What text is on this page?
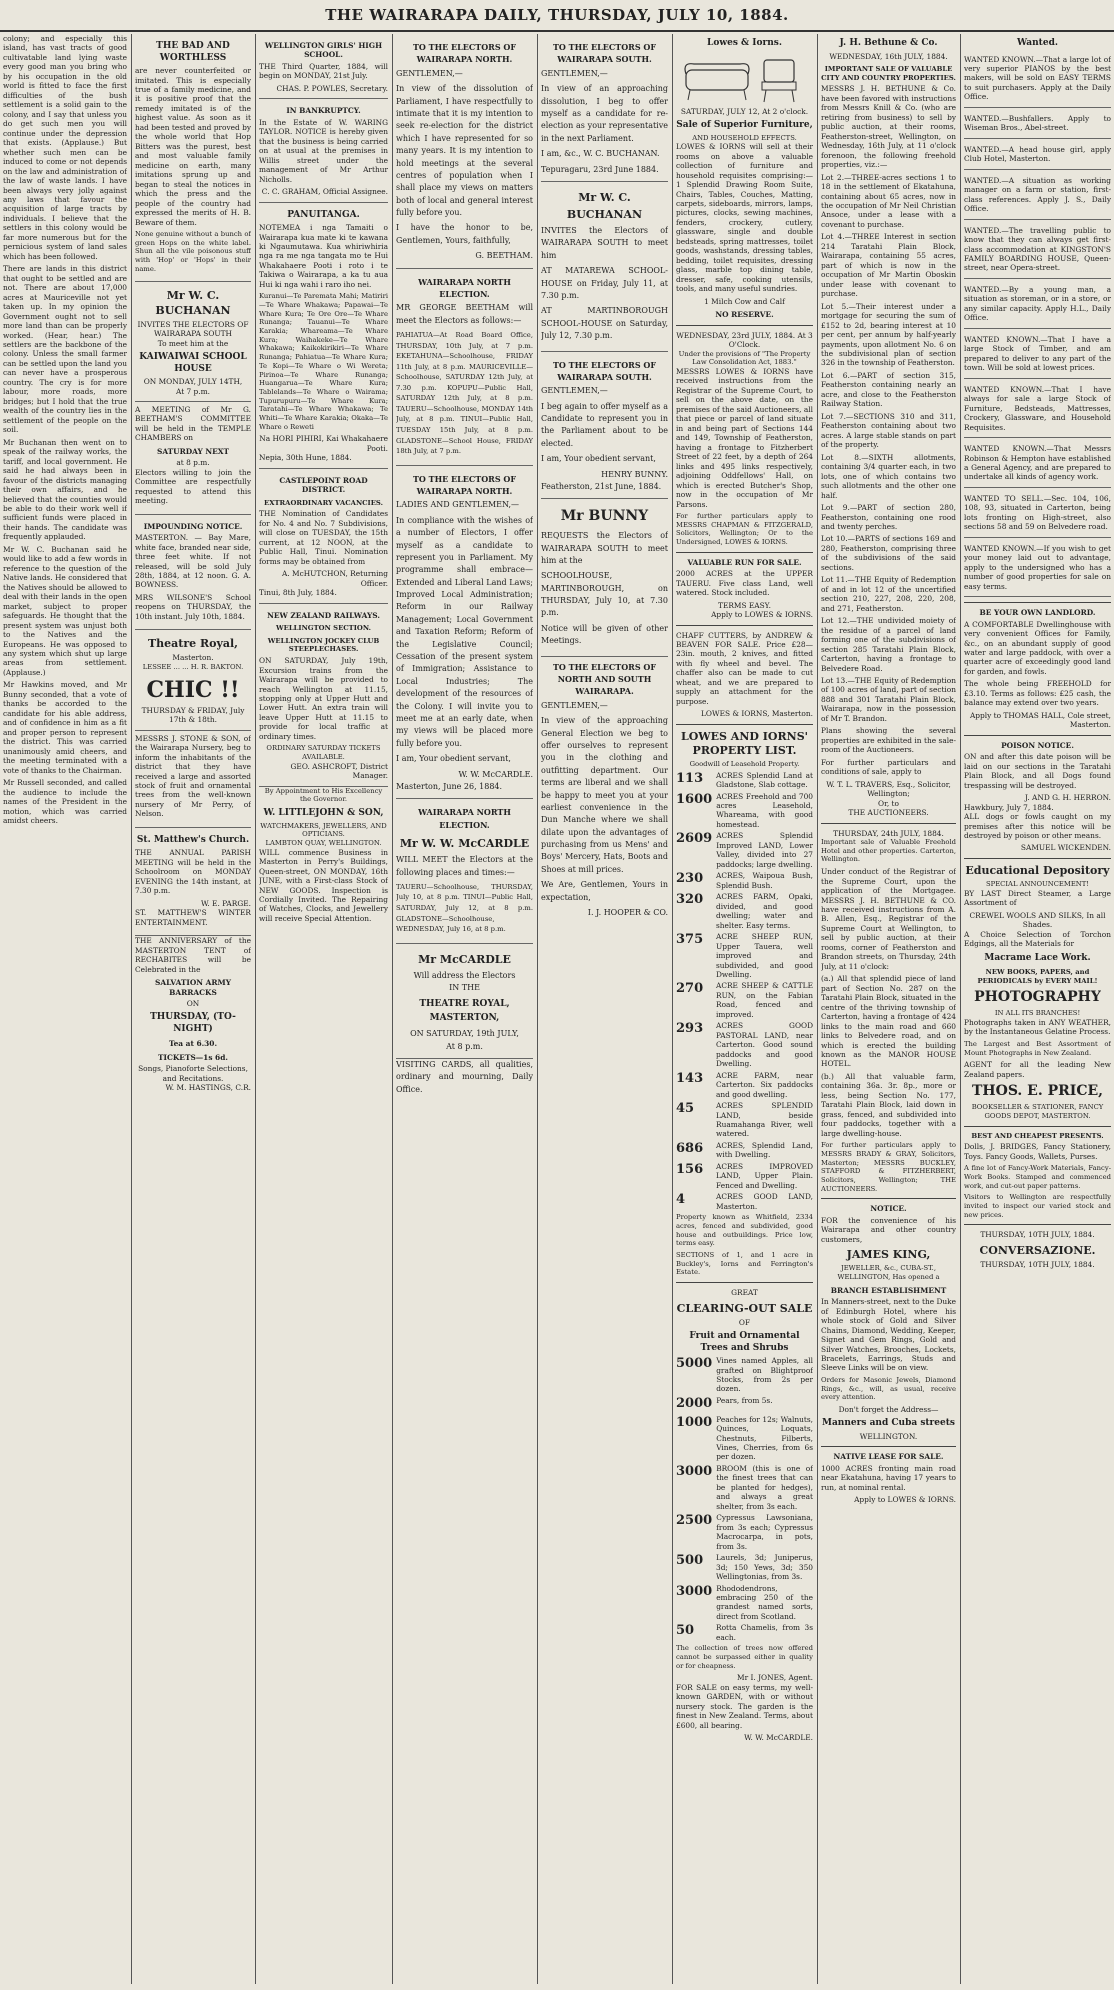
THE WAIRARAPA DAILY, THURSDAY, JULY 10, 1884.

colony; and especially this island, has vast tracts of good cultivatable land lying waste every good man you bring who by his occupation in the old world is fitted to face the first difficulties of the bush settlement is a solid gain to the colony, and I say that unless you do get such men you will continue under the depression that exists. (Applause.) But whether such men can be induced to come or not depends on the law and administration of the law of waste lands. I have been always very jolly against any laws that favour the acquisition of large tracts by individuals. I believe that the settlers in this colony would be far more numerous but for the pernicious system of land sales which has been followed.

There are lands in this district that ought to be settled and are not. There are about 17,000 acres at Mauriceville not yet taken up. In my opinion the Government ought not to sell more land than can be properly worked. (Hear, hear.) The settlers are the backbone of the colony. Unless the small farmer can be settled upon the land you can never have a prosperous country. The cry is for more labour, more roads, more bridges; but I hold that the true wealth of the country lies in the settlement of the people on the soil.

Mr Buchanan then went on to speak of the railway works, the tariff, and local government. He said he had always been in favour of the districts managing their own affairs, and he believed that the counties would be able to do their work well if sufficient funds were placed in their hands. The candidate was frequently applauded.

Mr W. C. Buchanan said he would like to add a few words in reference to the question of the Native lands. He considered that the Natives should be allowed to deal with their lands in the open market, subject to proper safeguards. He thought that the present system was unjust both to the Natives and the Europeans. He was opposed to any system which shut up large areas from settlement. (Applause.)

Mr Hawkins moved, and Mr Bunny seconded, that a vote of thanks be accorded to the candidate for his able address, and of confidence in him as a fit and proper person to represent the district. This was carried unanimously amid cheers, and the meeting terminated with a vote of thanks to the Chairman.

Mr Russell seconded, and called the audience to include the names of the President in the motion, which was carried amidst cheers.

THE BAD AND WORTHLESS

are never counterfeited or imitated. This is especially true of a family medicine, and it is positive proof that the remedy imitated is of the highest value. As soon as it had been tested and proved by the whole world that Hop Bitters was the purest, best and most valuable family medicine on earth, many imitations sprung up and began to steal the notices in which the press and the people of the country had expressed the merits of H. B. Beware of them.

None genuine without a bunch of green Hops on the white label. Shun all the vile poisonous stuff with 'Hop' or 'Hops' in their name.

Mr W. C. BUCHANAN
INVITES THE ELECTORS OF WAIRARAPA SOUTH
To meet him at the
KAIWAIWAI SCHOOL HOUSE
ON MONDAY, JULY 14TH,
At 7 p.m.

A MEETING of Mr G. BEETHAM'S COMMITTEE will be held in the TEMPLE CHAMBERS on

SATURDAY NEXT
at 8 p.m.

Electors willing to join the Committee are respectfully requested to attend this meeting.

IMPOUNDING NOTICE.

MASTERTON. — Bay Mare, white face, branded near side, three feet white. If not released, will be sold July 28th, 1884, at 12 noon. G. A. BOWNESS.

MRS WILSONE'S School reopens on THURSDAY, the 10th instant. July 10th, 1884.

Theatre Royal,
Masterton.
LESSEE ... ... H. R. BAKTON.
CHIC !!
THURSDAY & FRIDAY, July 17th & 18th.

MESSRS J. STONE & SON, of the Wairarapa Nursery, beg to inform the inhabitants of the district that they have received a large and assorted stock of fruit and ornamental trees from the well-known nursery of Mr Perry, of Nelson.

St. Matthew's Church.

THE ANNUAL PARISH MEETING will be held in the Schoolroom on MONDAY EVENING the 14th instant, at 7.30 p.m.

W. E. PARGE.

ST. MATTHEW'S WINTER ENTERTAINMENT.

THE ANNIVERSARY of the MASTERTON TENT of RECHABITES will be Celebrated in the

SALVATION ARMY BARRACKS
ON
THURSDAY, (TO-NIGHT)
Tea at 6.30.
TICKETS—1s 6d.
Songs, Pianoforte Selections, and Recitations.
W. M. HASTINGS, C.R.
WELLINGTON GIRLS' HIGH SCHOOL.

THE Third Quarter, 1884, will begin on MONDAY, 21st July.

CHAS. P. POWLES, Secretary.
IN BANKRUPTCY.

In the Estate of W. WARING TAYLOR. NOTICE is hereby given that the business is being carried on at usual at the premises in Willis street under the management of Mr Arthur Nicholls.

C. C. GRAHAM, Official Assignee.
PANUITANGA.

NOTEMEA i nga Tamaiti o Wairarapa kua mate ki te kawana ki Ngaumutawa. Kua whiriwhiria nga ra me nga tangata mo te Hui Whakahaere Pooti i roto i te Takiwa o Wairarapa, a ka tu aua Hui ki nga wahi i raro iho nei.

Kuranui—Te Paremata Mahi; Matiriri—Te Whare Whakawa; Papawai—Te Whare Kura; Te Ore Ore—Te Whare Runanga; Tauanui—Te Whare Karakia; Whareama—Te Whare Kura; Waihakeke—Te Whare Whakawa; Kaikokirikiri—Te Whare Runanga; Pahiatua—Te Whare Kura; Te Kopi—Te Whare o Wi Wereta; Pirinoa—Te Whare Runanga; Huangarua—Te Whare Kura; Tablelands—Te Whare o Wairama; Tupurupuru—Te Whare Kura; Taratahi—Te Whare Whakawa; Te Whiti—Te Whare Karakia; Okaka—Te Whare o Reweti

Na HORI PIHIRI, Kai Whakahaere Pooti.
Nepia, 30th Hune, 1884.
CASTLEPOINT ROAD DISTRICT.
EXTRAORDINARY VACANCIES.

THE Nomination of Candidates for No. 4 and No. 7 Subdivisions, will close on TUESDAY, the 15th current, at 12 NOON, at the Public Hall, Tinui. Nomination forms may be obtained from

A. McHUTCHON, Returning Officer.
Tinui, 8th July, 1884.
NEW ZEALAND RAILWAYS.
WELLINGTON SECTION.
WELLINGTON JOCKEY CLUB STEEPLECHASES.

ON SATURDAY, July 19th, Excursion trains from the Wairarapa will be provided to reach Wellington at 11.15, stopping only at Upper Hutt and Lower Hutt. An extra train will leave Upper Hutt at 11.15 to provide for local traffic at ordinary times.

ORDINARY SATURDAY TICKETS AVAILABLE.
GEO. ASHCROFT, District Manager.
By Appointment to His Excellency the Governor.
W. LITTLEJOHN & SON,
WATCHMAKERS, JEWELLERS, AND OPTICIANS.
LAMBTON QUAY, WELLINGTON.

WILL commence Business in Masterton in Perry's Buildings, Queen-street, ON MONDAY, 16th JUNE, with a First-class Stock of NEW GOODS. Inspection is Cordially Invited. The Repairing of Watches, Clocks, and Jewellery will receive Special Attention.

TO THE ELECTORS OF WAIRARAPA NORTH.

GENTLEMEN,—

In view of the dissolution of Parliament, I have respectfully to intimate that it is my intention to seek re-election for the district which I have represented for so many years. It is my intention to hold meetings at the several centres of population when I shall place my views on matters both of local and general interest fully before you.

I have the honor to be, Gentlemen, Yours, faithfully,

G. BEETHAM.
WAIRARAPA NORTH ELECTION.

MR GEORGE BEETHAM will meet the Electors as follows:—

PAHIATUA—At Road Board Office, THURSDAY, 10th July, at 7 p.m. EKETAHUNA—Schoolhouse, FRIDAY 11th July, at 8 p.m. MAURICEVILLE—Schoolhouse, SATURDAY 12th July, at 7.30 p.m. KOPUPU—Public Hall, SATURDAY 12th July, at 8 p.m. TAUERU—Schoolhouse, MONDAY 14th July, at 8 p.m. TINUI—Public Hall, TUESDAY 15th July, at 8 p.m. GLADSTONE—School House, FRIDAY 18th July, at 7 p.m.

TO THE ELECTORS OF WAIRARAPA NORTH.

LADIES AND GENTLEMEN,—

In compliance with the wishes of a number of Electors, I offer myself as a candidate to represent you in Parliament. My programme shall embrace—Extended and Liberal Land Laws; Improved Local Administration; Reform in our Railway Management; Local Government and Taxation Reform; Reform of the Legislative Council; Cessation of the present system of Immigration; Assistance to Local Industries; The development of the resources of the Colony. I will invite you to meet me at an early date, when my views will be placed more fully before you.

I am, Your obedient servant,

W. W. McCARDLE.
Masterton, June 26, 1884.
WAIRARAPA NORTH ELECTION.
Mr W. W. McCARDLE

WILL MEET the Electors at the following places and times:—

TAUERU—Schoolhouse, THURSDAY, July 10, at 8 p.m. TINUI—Public Hall, SATURDAY, July 12, at 8 p.m. GLADSTONE—Schoolhouse, WEDNESDAY, July 16, at 8 p.m.

Mr McCARDLE
Will address the Electors
IN THE
THEATRE ROYAL, MASTERTON,
ON SATURDAY, 19th JULY,
At 8 p.m.

VISITING CARDS, all qualities, ordinary and mourning, Daily Office.

TO THE ELECTORS OF WAIRARAPA SOUTH.

GENTLEMEN,—

In view of an approaching dissolution, I beg to offer myself as a candidate for re-election as your representative in the next Parliament.

I am, &c., W. C. BUCHANAN.

Tepuragaru, 23rd June 1884.
Mr W. C. BUCHANAN

INVITES the Electors of WAIRARAPA SOUTH to meet him

AT MATAREWA SCHOOL-HOUSE on Friday, July 11, at 7.30 p.m.

AT MARTINBOROUGH SCHOOL-HOUSE on Saturday, July 12, 7.30 p.m.

TO THE ELECTORS OF WAIRARAPA SOUTH.

GENTLEMEN,—

I beg again to offer myself as a Candidate to represent you in the Parliament about to be elected.

I am, Your obedient servant,

HENRY BUNNY.
Featherston, 21st June, 1884.
Mr BUNNY

REQUESTS the Electors of WAIRARAPA SOUTH to meet him at the

SCHOOLHOUSE, MARTINBOROUGH, on THURSDAY, July 10, at 7.30 p.m.

Notice will be given of other Meetings.

TO THE ELECTORS OF NORTH AND SOUTH WAIRARAPA.

GENTLEMEN,—

In view of the approaching General Election we beg to offer ourselves to represent you in the clothing and outfitting department. Our terms are liberal and we shall be happy to meet you at your earliest convenience in the Dun Manche where we shall dilate upon the advantages of purchasing from us Mens' and Boys' Mercery, Hats, Boots and Shoes at mill prices.

We Are, Gentlemen, Yours in expectation,

I. J. HOOPER & CO.
Lowes & Iorns.
SATURDAY, JULY 12, At 2 o'clock.
Sale of Superior Furniture,
AND HOUSEHOLD EFFECTS.

LOWES & IORNS will sell at their rooms on above a valuable collection of furniture and household requisites comprising:— 1 Splendid Drawing Room Suite, Chairs, Tables, Couches, Matting, carpets, sideboards, mirrors, lamps, pictures, clocks, sewing machines, fenders, crockery, cutlery, glassware, single and double bedsteads, spring mattresses, toilet goods, washstands, dressing tables, bedding, toilet requisites, dressing glass, marble top dining table, dresser, safe, cooking utensils, tools, and many useful sundries.

1 Milch Cow and Calf
NO RESERVE.
WEDNESDAY, 23rd JULY, 1884. At 3 O'Clock.
Under the provisions of "The Property Law Consolidation Act, 1883."

MESSRS LOWES & IORNS have received instructions from the Registrar of the Supreme Court, to sell on the above date, on the premises of the said Auctioneers, all that piece or parcel of land situate in and being part of Sections 144 and 149, Township of Featherston, having a frontage to Fitzherbert Street of 22 feet, by a depth of 264 links and 495 links respectively, adjoining Oddfellows' Hall, on which is erected Butcher's Shop, now in the occupation of Mr Parsons.

For further particulars apply to MESSRS CHAPMAN & FITZGERALD, Solicitors, Wellington; Or to the Undersigned, LOWES & IORNS.

VALUABLE RUN FOR SALE.

2000 ACRES at the UPPER TAUERU. Five class Land, well watered. Stock included.

TERMS EASY.
Apply to LOWES & IORNS.

CHAFF CUTTERS, by ANDREW & BEAVEN FOR SALE. Price £28—23in. mouth, 2 knives, and fitted with fly wheel and bevel. The chaffer also can be made to cut wheat, and we are prepared to supply an attachment for the purpose.

LOWES & IORNS, Masterton.
LOWES AND IORNS' PROPERTY LIST.
Goodwill of Leasehold Property.
113	ACRES Splendid Land at Gladstone, Slab cottage.
1600 ACRES Freehold and 700 acres Leasehold, Whareama, with good homestead.
2609 ACRES Splendid Improved LAND, Lower Valley, divided into 27 paddocks; large dwelling.
230	ACRES, Waipoua Bush, Splendid Bush.
320	ACRES FARM, Opaki, divided, and good dwelling; water and shelter. Easy terms.
375	ACRE SHEEP RUN, Upper Tauera, well improved and subdivided, and good Dwelling.
270	ACRE SHEEP & CATTLE RUN, on the Fabian Road, fenced and improved.
293	ACRES GOOD PASTORAL LAND, near Carterton. Good sound paddocks and good Dwelling.
143	ACRE FARM, near Carterton. Six paddocks and good dwelling.
45	ACRES SPLENDID LAND, beside Ruamahanga River, well watered.
686	ACRES, Splendid Land, with Dwelling.
156	ACRES IMPROVED LAND, Upper Plain. Fenced and Dwelling.
4	ACRES GOOD LAND, Masterton.

Property known as Whitfield, 2334 acres, fenced and subdivided, good house and outbuildings. Price low, terms easy.

SECTIONS of 1, and 1 acre in Buckley's, Iorns and Ferrington's Estate.

GREAT
CLEARING-OUT SALE
OF
Fruit and Ornamental Trees and Shrubs
5000 Vines named Apples, all grafted on Blightproof Stocks, from 2s per dozen.
2000 Pears, from 5s.
1000 Peaches for 12s; Walnuts, Quinces, Loquats, Chestnuts, Filberts, Vines, Cherries, from 6s per dozen.
3000 BROOM (this is one of the finest trees that can be planted for hedges), and always a great shelter, from 3s each.
2500 Cypressus Lawsoniana, from 3s each; Cypressus Macrocarpa, in pots, from 3s.
500	Laurels, 3d; Juniperus, 3d; 150 Yews, 3d; 350 Wellingtonias, from 3s.
3000 Rhododendrons, embracing 250 of the grandest named sorts, direct from Scotland.
50	Rotta Chamelis, from 3s each.

The collection of trees now offered cannot be surpassed either in quality or for cheapness.

Mr I. JONES, Agent.

FOR SALE on easy terms, my well-known GARDEN, with or without nursery stock. The garden is the finest in New Zealand. Terms, about £600, all bearing.

W. W. McCARDLE.
J. H. Bethune & Co.
WEDNESDAY, 16th JULY, 1884.
IMPORTANT SALE OF VALUABLE CITY AND COUNTRY PROPERTIES.

MESSRS J. H. BETHUNE & Co. have been favored with instructions from Messrs Knill & Co. (who are retiring from business) to sell by public auction, at their rooms, Featherston-street, Wellington, on Wednesday, 16th July, at 11 o'clock forenoon, the following freehold properties, viz.:—

Lot 2.—THREE-acres sections 1 to 18 in the settlement of Ekatahuna, containing about 65 acres, now in the occupation of Mr Neil Christian Ansoce, under a lease with a covenant to purchase.

Lot 4.—THREE Interest in section 214 Taratahi Plain Block, Wairarapa, containing 55 acres, part of which is now in the occupation of Mr Martin Oboskin under lease with covenant to purchase.

Lot 5.—Their interest under a mortgage for securing the sum of £152 to 2d, bearing interest at 10 per cent, per annum by half-yearly payments, upon allotment No. 6 on the subdivisional plan of section 326 in the township of Featherston.

Lot 6.—PART of section 315, Featherston containing nearly an acre, and close to the Featherston Railway Station.

Lot 7.—SECTIONS 310 and 311, Featherston containing about two acres. A large stable stands on part of the property.

Lot 8.—SIXTH allotments, containing 3/4 quarter each, in two lots, one of which contains two such allotments and the other one half.

Lot 9.—PART of section 280, Featherston, containing one rood and twenty perches.

Lot 10.—PARTS of sections 169 and 280, Featherston, comprising three of the subdivisions of the said sections.

Lot 11.—THE Equity of Redemption of and in lot 12 of the uncertified section 210, 227, 208, 220, 208, and 271, Featherston.

Lot 12.—THE undivided moiety of the residue of a parcel of land forming one of the subdivisions of section 285 Taratahi Plain Block, Carterton, having a frontage to Belvedere Road.

Lot 13.—THE Equity of Redemption of 100 acres of land, part of section 888 and 301 Taratahi Plain Block, Wairarapa, now in the possession of Mr T. Brandon.

Plans showing the several properties are exhibited in the sale-room of the Auctioneers.

For further particulars and conditions of sale, apply to

W. T. L. TRAVERS, Esq., Solicitor, Wellington;
Or, to
THE AUCTIONEERS.
THURSDAY, 24th JULY, 1884.

Important sale of Valuable Freehold Hotel and other properties. Carterton, Wellington.

Under conduct of the Registrar of the Supreme Court, upon the application of the Mortgagee. MESSRS J. H. BETHUNE & CO. have received instructions from A. B. Allen, Esq., Registrar of the Supreme Court at Wellington, to sell by public auction, at their rooms, corner of Featherston and Brandon streets, on Thursday, 24th July, at 11 o'clock:

(a.) All that splendid piece of land part of Section No. 287 on the Taratahi Plain Block, situated in the centre of the thriving township of Carterton, having a frontage of 424 links to the main road and 660 links to Belvedere road, and on which is erected the building known as the MANOR HOUSE HOTEL.

(b.) All that valuable farm, containing 36a. 3r. 8p., more or less, being Section No. 177, Taratahi Plain Block, laid down in grass, fenced, and subdivided into four paddocks, together with a large dwelling-house.

For further particulars apply to MESSRS BRADY & GRAY, Solicitors, Masterton; MESSRS BUCKLEY, STAFFORD & FITZHERBERT, Solicitors, Wellington; THE AUCTIONEERS.

NOTICE.

FOR the convenience of his Wairarapa and other country customers,

JAMES KING,
JEWELLER, &c., CUBA-ST., WELLINGTON, Has opened a
BRANCH ESTABLISHMENT

In Manners-street, next to the Duke of Edinburgh Hotel, where his whole stock of Gold and Silver Chains, Diamond, Wedding, Keeper, Signet and Gem Rings, Gold and Silver Watches, Brooches, Lockets, Bracelets, Earrings, Studs and Sleeve Links will be on view.

Orders for Masonic Jewels, Diamond Rings, &c., will, as usual, receive every attention.

Don't forget the Address—
Manners and Cuba streets
WELLINGTON.
NATIVE LEASE FOR SALE.

1000 ACRES fronting main road near Ekatahuna, having 17 years to run, at nominal rental.

Apply to LOWES & IORNS.
Wanted.

WANTED KNOWN.—That a large lot of very superior PIANOS by the best makers, will be sold on EASY TERMS to suit purchasers. Apply at the Daily Office.

WANTED.—Bushfallers. Apply to Wiseman Bros., Abel-street.

WANTED.—A head house girl, apply Club Hotel, Masterton.

WANTED.—A situation as working manager on a farm or station, first-class references. Apply J. S., Daily Office.

WANTED.—The travelling public to know that they can always get first-class accommodation at KINGSTON'S FAMILY BOARDING HOUSE, Queen-street, near Opera-street.

WANTED.—By a young man, a situation as storeman, or in a store, or any similar capacity. Apply H.L., Daily Office.

WANTED KNOWN.—That I have a large Stock of Timber, and am prepared to deliver to any part of the town. Will be sold at lowest prices.

WANTED KNOWN.—That I have always for sale a large Stock of Furniture, Bedsteads, Mattresses, Crockery, Glassware, and Household Requisites.

WANTED KNOWN.—That Messrs Robinson & Hempton have established a General Agency, and are prepared to undertake all kinds of agency work.

WANTED TO SELL.—Sec. 104, 106, 108, 93, situated in Carterton, being lots fronting on High-street, also sections 58 and 59 on Belvedere road.

WANTED KNOWN.—If you wish to get your money laid out to advantage, apply to the undersigned who has a number of good properties for sale on easy terms.

BE YOUR OWN LANDLORD.

A COMFORTABLE Dwellinghouse with very convenient Offices for Family, &c., on an abundant supply of good water and large paddock, with over a quarter acre of exceedingly good land for garden, and fowls.

The whole being FREEHOLD for £3.10. Terms as follows: £25 cash, the balance may extend over two years.

Apply to THOMAS HALL, Cole street, Masterton.
POISON NOTICE.

ON and after this date poison will be laid on our sections in the Taratahi Plain Block, and all Dogs found trespassing will be destroyed.

J. AND G. H. HERRON.
Hawkbury, July 7, 1884.

ALL dogs or fowls caught on my premises after this notice will be destroyed by poison or other means.

SAMUEL WICKENDEN.
Educational Depository
SPECIAL ANNOUNCEMENT!

BY LAST Direct Steamer, a Large Assortment of

CREWEL WOOLS AND SILKS, In all Shades.

A Choice Selection of Torchon Edgings, all the Materials for

Macrame Lace Work.
NEW BOOKS, PAPERS, and PERIODICALS by EVERY MAIL!
PHOTOGRAPHY
IN ALL ITS BRANCHES!

Photographs taken in ANY WEATHER, by the Instantaneous Gelatine Process.

The Largest and Best Assortment of Mount Photographs in New Zealand.

AGENT for all the leading New Zealand papers.

THOS. E. PRICE,
BOOKSELLER & STATIONER, FANCY GOODS DEPOT, MASTERTON.
BEST AND CHEAPEST PRESENTS.

Dolls, J. BRIDGES, Fancy Stationery, Toys. Fancy Goods, Wallets, Purses.

A fine lot of Fancy-Work Materials, Fancy-Work Books. Stamped and commenced work, and cut-out paper patterns.

Visitors to Wellington are respectfully invited to inspect our varied stock and new prices.

THURSDAY, 10TH JULY, 1884.
CONVERSAZIONE.
THURSDAY, 10TH JULY, 1884.
